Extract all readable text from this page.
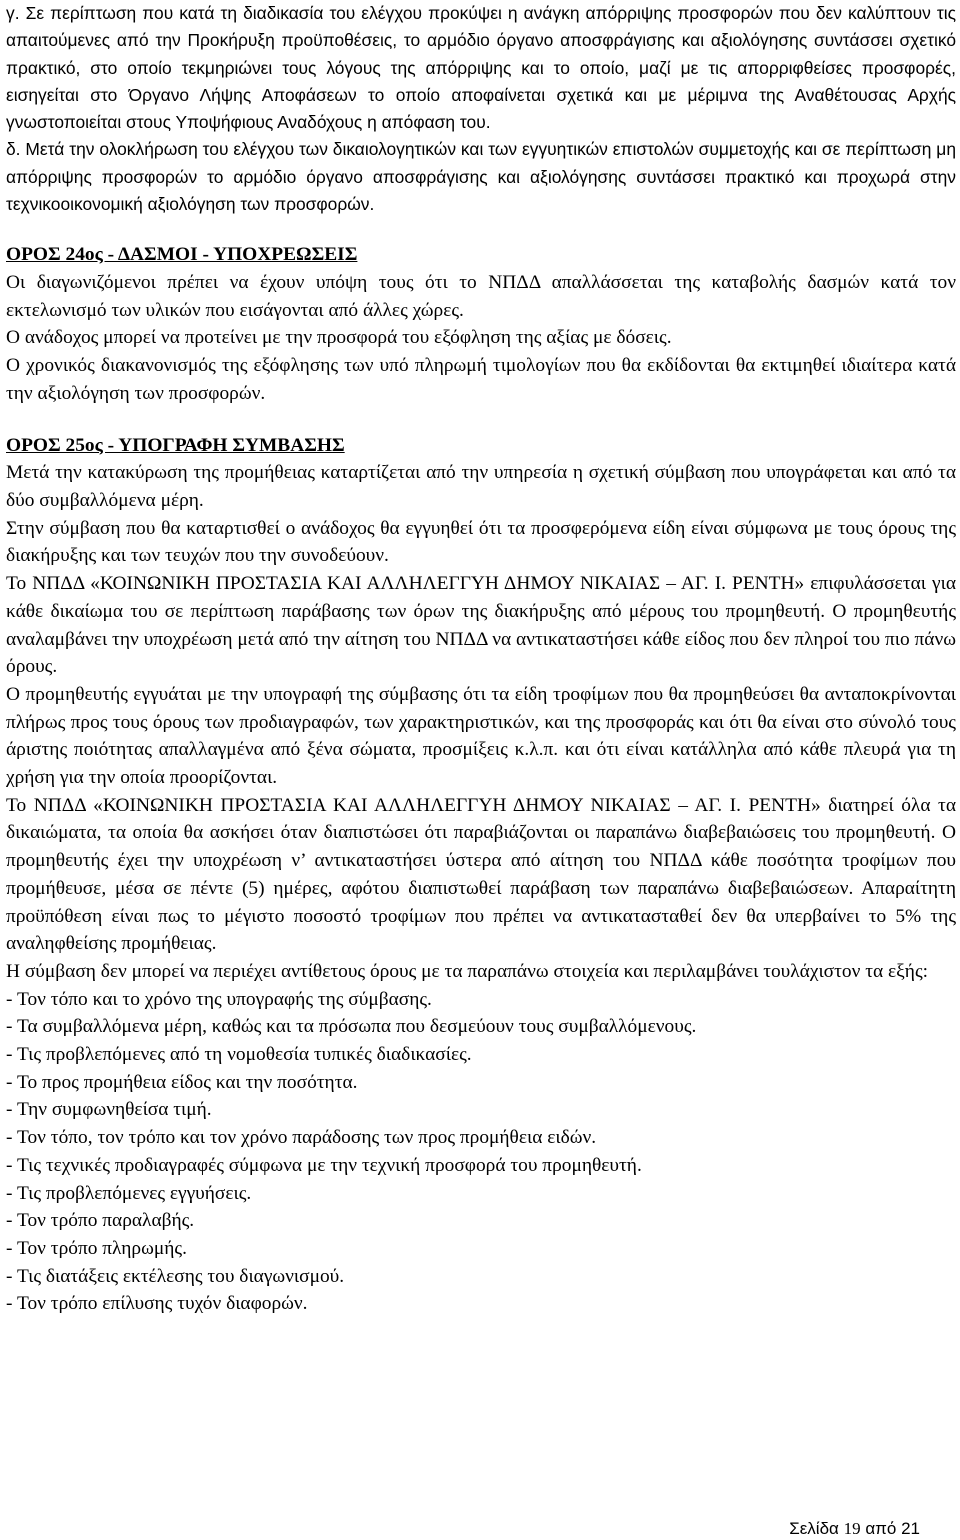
γ. Σε περίπτωση που κατά τη διαδικασία του ελέγχου προκύψει η ανάγκη απόρριψης προσφορών που δεν καλύπτουν τις απαιτούμενες από την Προκήρυξη προϋποθέσεις, το αρμόδιο όργανο αποσφράγισης και αξιολόγησης συντάσσει σχετικό πρακτικό, στο οποίο τεκμηριώνει τους λόγους της απόρριψης και το οποίο, μαζί με τις απορριφθείσες προσφορές, εισηγείται στο Όργανο Λήψης Αποφάσεων το οποίο αποφαίνεται σχετικά και με μέριμνα της Αναθέτουσας Αρχής γνωστοποιείται στους Υποψήφιους Αναδόχους η απόφαση του.

δ. Μετά την ολοκλήρωση του ελέγχου των δικαιολογητικών και των εγγυητικών επιστολών συμμετοχής και σε περίπτωση μη απόρριψης προσφορών το αρμόδιο όργανο αποσφράγισης και αξιολόγησης συντάσσει πρακτικό και προχωρά στην τεχνικοοικονομική αξιολόγηση των προσφορών.

ΟΡΟΣ 24ος - ΔΑΣΜΟΙ - ΥΠΟΧΡΕΩΣΕΙΣ

Οι διαγωνιζόμενοι πρέπει να έχουν υπόψη τους ότι το ΝΠΔΔ απαλλάσσεται της καταβολής δασμών κατά τον εκτελωνισμό των υλικών που εισάγονται από άλλες χώρες.

Ο ανάδοχος μπορεί να προτείνει με την προσφορά του εξόφληση της αξίας με δόσεις.

Ο χρονικός διακανονισμός της εξόφλησης των υπό πληρωμή τιμολογίων που θα εκδίδονται θα εκτιμηθεί ιδιαίτερα κατά την αξιολόγηση των προσφορών.

ΟΡΟΣ 25ος - ΥΠΟΓΡΑΦΗ ΣΥΜΒΑΣΗΣ

Μετά την κατακύρωση της προμήθειας καταρτίζεται από την υπηρεσία η σχετική σύμβαση που υπογράφεται και από τα δύο συμβαλλόμενα μέρη.

Στην σύμβαση που θα καταρτισθεί ο ανάδοχος θα εγγυηθεί ότι τα προσφερόμενα είδη είναι σύμφωνα με τους όρους της διακήρυξης και των τευχών που την συνοδεύουν.

Το ΝΠΔΔ «ΚΟΙΝΩΝΙΚΗ ΠΡΟΣΤΑΣΙΑ ΚΑΙ ΑΛΛΗΛΕΓΓΥΗ ΔΗΜΟΥ ΝΙΚΑΙΑΣ – ΑΓ. Ι. ΡΕΝΤΗ» επιφυλάσσεται για κάθε δικαίωμα του σε περίπτωση παράβασης των όρων της διακήρυξης από μέρους του προμηθευτή. Ο προμηθευτής αναλαμβάνει την υποχρέωση μετά από την αίτηση του ΝΠΔΔ να αντικαταστήσει κάθε είδος που δεν πληροί του πιο πάνω όρους.

Ο προμηθευτής εγγυάται με την υπογραφή της σύμβασης ότι τα είδη τροφίμων που θα προμηθεύσει θα ανταποκρίνονται πλήρως προς τους όρους των προδιαγραφών, των χαρακτηριστικών, και της προσφοράς και ότι θα είναι στο σύνολό τους άριστης ποιότητας απαλλαγμένα από ξένα σώματα, προσμίξεις κ.λ.π. και ότι είναι κατάλληλα από κάθε πλευρά για τη χρήση για την οποία προορίζονται.

Το ΝΠΔΔ «ΚΟΙΝΩΝΙΚΗ ΠΡΟΣΤΑΣΙΑ ΚΑΙ ΑΛΛΗΛΕΓΓΥΗ ΔΗΜΟΥ ΝΙΚΑΙΑΣ – ΑΓ. Ι. ΡΕΝΤΗ» διατηρεί όλα τα δικαιώματα, τα οποία θα ασκήσει όταν διαπιστώσει ότι παραβιάζονται οι παραπάνω διαβεβαιώσεις του προμηθευτή. Ο προμηθευτής έχει την υποχρέωση ν’ αντικαταστήσει ύστερα από αίτηση του ΝΠΔΔ κάθε ποσότητα τροφίμων που προμήθευσε, μέσα σε πέντε (5) ημέρες, αφότου διαπιστωθεί παράβαση των παραπάνω διαβεβαιώσεων. Απαραίτητη προϋπόθεση είναι πως το μέγιστο ποσοστό τροφίμων που πρέπει να αντικατασταθεί δεν θα υπερβαίνει το 5% της αναληφθείσης προμήθειας.

Η σύμβαση δεν μπορεί να περιέχει αντίθετους όρους με τα παραπάνω στοιχεία και περιλαμβάνει τουλάχιστον τα εξής:

- Τον τόπο και το χρόνο της υπογραφής της σύμβασης.

- Τα συμβαλλόμενα μέρη, καθώς και τα πρόσωπα που δεσμεύουν τους συμβαλλόμενους.

- Τις προβλεπόμενες από τη νομοθεσία τυπικές διαδικασίες.

- Το προς προμήθεια είδος και την ποσότητα.

- Την συμφωνηθείσα τιμή.

- Τον τόπο, τον τρόπο και τον χρόνο παράδοσης των προς προμήθεια ειδών.

- Τις τεχνικές προδιαγραφές σύμφωνα με την τεχνική προσφορά του προμηθευτή.

- Τις προβλεπόμενες εγγυήσεις.

- Τον τρόπο παραλαβής.

- Τον τρόπο πληρωμής.

- Τις διατάξεις εκτέλεσης του διαγωνισμού.

- Τον τρόπο επίλυσης τυχόν διαφορών.

Σελίδα 19 από 21
